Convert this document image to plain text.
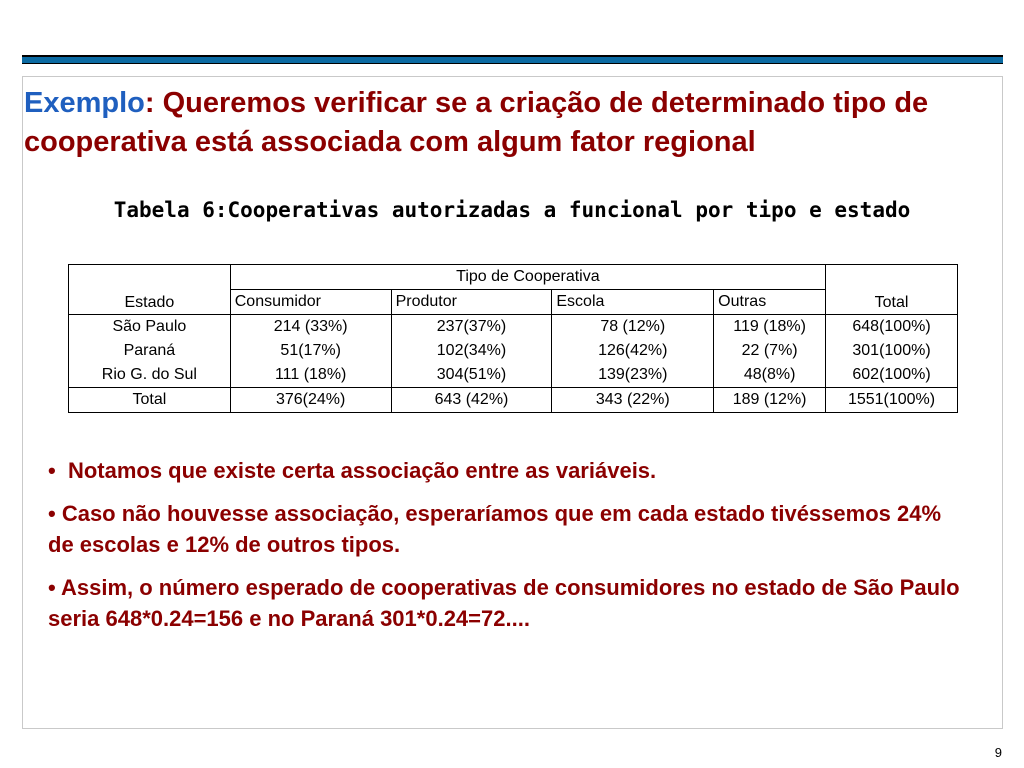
Exemplo: Queremos verificar se a criação de determinado tipo de cooperativa está associada com algum fator regional
Tabela 6:Cooperativas autorizadas a funcional por tipo e estado
Estado	Tipo de Cooperativa				Total
	Consumidor	Produtor	Escola	Outras	
São Paulo	214 (33%)	237(37%)	78 (12%)	119 (18%)	648(100%)
Paraná	51(17%)	102(34%)	126(42%)	22 (7%)	301(100%)
Rio G. do Sul	111 (18%)	304(51%)	139(23%)	48(8%)	602(100%)
Total	376(24%)	643 (42%)	343 (22%)	189 (12%)	1551(100%)

•  Notamos que existe certa associação entre as variáveis.

• Caso não houvesse associação, esperaríamos que em cada estado tivéssemos 24% de escolas e 12% de outros tipos.

• Assim, o número esperado de cooperativas de consumidores no estado de São Paulo seria 648*0.24=156 e no Paraná 301*0.24=72....

9
